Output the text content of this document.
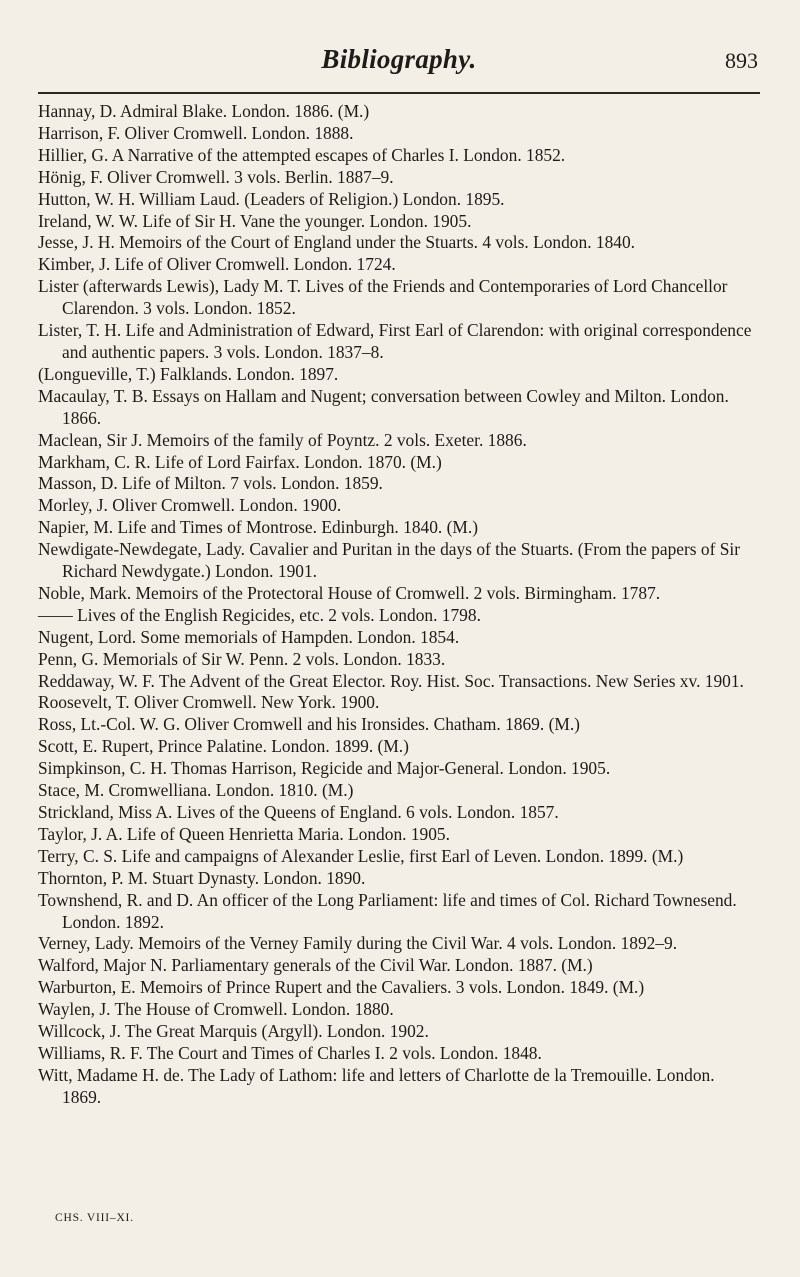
Bibliography.	893
Hannay, D. Admiral Blake. London. 1886. (M.)
Harrison, F. Oliver Cromwell. London. 1888.
Hillier, G. A Narrative of the attempted escapes of Charles I. London. 1852.
Hönig, F. Oliver Cromwell. 3 vols. Berlin. 1887–9.
Hutton, W. H. William Laud. (Leaders of Religion.) London. 1895.
Ireland, W. W. Life of Sir H. Vane the younger. London. 1905.
Jesse, J. H. Memoirs of the Court of England under the Stuarts. 4 vols. London. 1840.
Kimber, J. Life of Oliver Cromwell. London. 1724.
Lister (afterwards Lewis), Lady M. T. Lives of the Friends and Contemporaries of Lord Chancellor Clarendon. 3 vols. London. 1852.
Lister, T. H. Life and Administration of Edward, First Earl of Clarendon: with original correspondence and authentic papers. 3 vols. London. 1837–8.
(Longueville, T.) Falklands. London. 1897.
Macaulay, T. B. Essays on Hallam and Nugent; conversation between Cowley and Milton. London. 1866.
Maclean, Sir J. Memoirs of the family of Poyntz. 2 vols. Exeter. 1886.
Markham, C. R. Life of Lord Fairfax. London. 1870. (M.)
Masson, D. Life of Milton. 7 vols. London. 1859.
Morley, J. Oliver Cromwell. London. 1900.
Napier, M. Life and Times of Montrose. Edinburgh. 1840. (M.)
Newdigate-Newdegate, Lady. Cavalier and Puritan in the days of the Stuarts. (From the papers of Sir Richard Newdygate.) London. 1901.
Noble, Mark. Memoirs of the Protectoral House of Cromwell. 2 vols. Birmingham. 1787.
—— Lives of the English Regicides, etc. 2 vols. London. 1798.
Nugent, Lord. Some memorials of Hampden. London. 1854.
Penn, G. Memorials of Sir W. Penn. 2 vols. London. 1833.
Reddaway, W. F. The Advent of the Great Elector. Roy. Hist. Soc. Transactions. New Series xv. 1901.
Roosevelt, T. Oliver Cromwell. New York. 1900.
Ross, Lt.-Col. W. G. Oliver Cromwell and his Ironsides. Chatham. 1869. (M.)
Scott, E. Rupert, Prince Palatine. London. 1899. (M.)
Simpkinson, C. H. Thomas Harrison, Regicide and Major-General. London. 1905.
Stace, M. Cromwelliana. London. 1810. (M.)
Strickland, Miss A. Lives of the Queens of England. 6 vols. London. 1857.
Taylor, J. A. Life of Queen Henrietta Maria. London. 1905.
Terry, C. S. Life and campaigns of Alexander Leslie, first Earl of Leven. London. 1899. (M.)
Thornton, P. M. Stuart Dynasty. London. 1890.
Townshend, R. and D. An officer of the Long Parliament: life and times of Col. Richard Townesend. London. 1892.
Verney, Lady. Memoirs of the Verney Family during the Civil War. 4 vols. London. 1892–9.
Walford, Major N. Parliamentary generals of the Civil War. London. 1887. (M.)
Warburton, E. Memoirs of Prince Rupert and the Cavaliers. 3 vols. London. 1849. (M.)
Waylen, J. The House of Cromwell. London. 1880.
Willcock, J. The Great Marquis (Argyll). London. 1902.
Williams, R. F. The Court and Times of Charles I. 2 vols. London. 1848.
Witt, Madame H. de. The Lady of Lathom: life and letters of Charlotte de la Tremouille. London. 1869.
CHS. VIII–XI.
